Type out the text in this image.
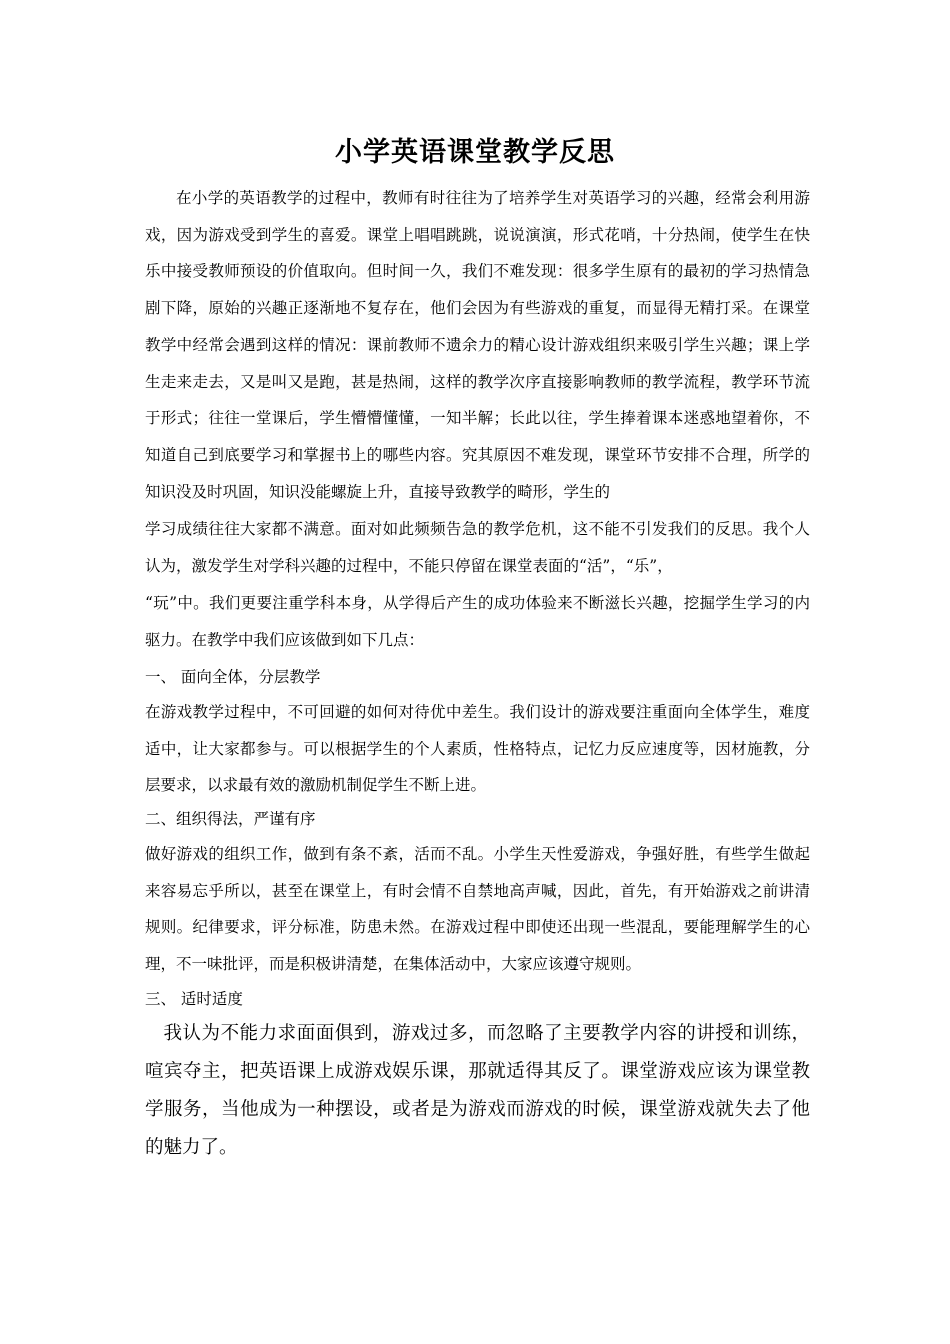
小学英语课堂教学反思

在小学的英语教学的过程中，教师有时往往为了培养学生对英语学习的兴趣，经常会利用游戏，因为游戏受到学生的喜爱。课堂上唱唱跳跳，说说演演，形式花哨，十分热闹，使学生在快乐中接受教师预设的价值取向。但时间一久，我们不难发现：很多学生原有的最初的学习热情急剧下降，原始的兴趣正逐渐地不复存在，他们会因为有些游戏的重复，而显得无精打采。在课堂教学中经常会遇到这样的情况：课前教师不遗余力的精心设计游戏组织来吸引学生兴趣；课上学生走来走去，又是叫又是跑，甚是热闹，这样的教学次序直接影响教师的教学流程，教学环节流于形式；往往一堂课后，学生懵懵懂懂，一知半解；长此以往，学生捧着课本迷惑地望着你，不知道自己到底要学习和掌握书上的哪些内容。究其原因不难发现，课堂环节安排不合理，所学的知识没及时巩固，知识没能螺旋上升，直接导致教学的畸形，学生的

学习成绩往往大家都不满意。面对如此频频告急的教学危机，这不能不引发我们的反思。我个人认为，激发学生对学科兴趣的过程中，不能只停留在课堂表面的“活”，“乐”，

“玩”中。我们更要注重学科本身，从学得后产生的成功体验来不断滋长兴趣，挖掘学生学习的内驱力。在教学中我们应该做到如下几点：

一、 面向全体，分层教学

在游戏教学过程中，不可回避的如何对待优中差生。我们设计的游戏要注重面向全体学生，难度适中，让大家都参与。可以根据学生的个人素质，性格特点，记忆力反应速度等，因材施教，分层要求，以求最有效的激励机制促学生不断上进。

二、组织得法，严谨有序

做好游戏的组织工作，做到有条不紊，活而不乱。小学生天性爱游戏，争强好胜，有些学生做起来容易忘乎所以，甚至在课堂上，有时会情不自禁地高声喊，因此，首先，有开始游戏之前讲清规则。纪律要求，评分标准，防患未然。在游戏过程中即使还出现一些混乱，要能理解学生的心理，不一味批评，而是积极讲清楚，在集体活动中，大家应该遵守规则。

三、 适时适度

我认为不能力求面面俱到，游戏过多，而忽略了主要教学内容的讲授和训练，喧宾夺主，把英语课上成游戏娱乐课，那就适得其反了。课堂游戏应该为课堂教学服务，当他成为一种摆设，或者是为游戏而游戏的时候，课堂游戏就失去了他的魅力了。
